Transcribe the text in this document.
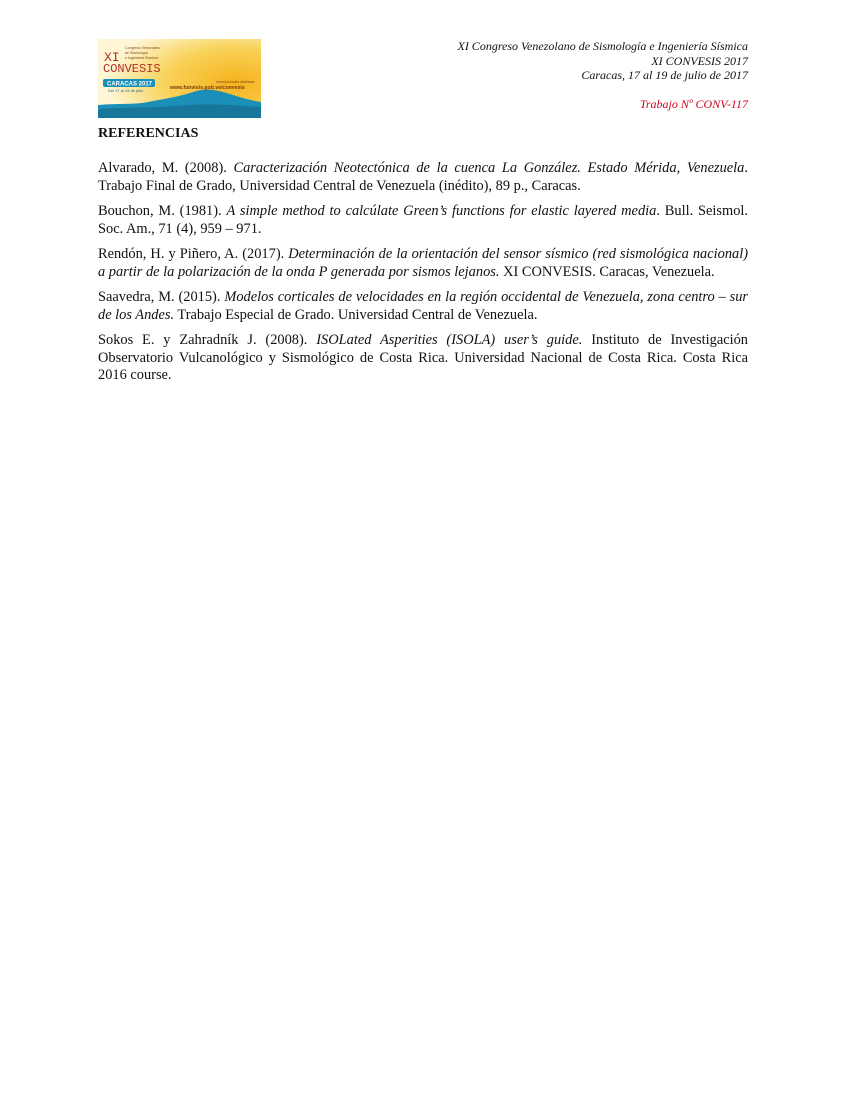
XI
Congreso Venezolano
de Sismología
e Ingeniería Sísmica
CONVESIS
CARACAS 2017
Del 17 al 19 de julio
inscripciones abiertas
www.funvisis.gob.ve/convesis
XI Congreso Venezolano de Sismología e Ingeniería Sísmica
XI CONVESIS 2017
Caracas, 17 al 19 de julio de 2017
Trabajo Nº CONV-117
REFERENCIAS

Alvarado, M. (2008). Caracterización Neotectónica de la cuenca La González. Estado Mérida, Venezuela. Trabajo Final de Grado, Universidad Central de Venezuela (inédito), 89 p., Caracas.

Bouchon, M. (1981). A simple method to calcúlate Green’s functions for elastic layered media. Bull. Seismol. Soc. Am., 71 (4), 959 – 971.

Rendón, H. y Piñero, A. (2017). Determinación de la orientación del sensor sísmico (red sismológica nacional) a partir de la polarización de la onda P generada por sismos lejanos. XI CONVESIS. Caracas, Venezuela.

Saavedra, M. (2015). Modelos corticales de velocidades en la región occidental de Venezuela, zona centro – sur de los Andes. Trabajo Especial de Grado. Universidad Central de Venezuela.

Sokos E. y Zahradník J. (2008). ISOLated Asperities (ISOLA) user’s guide. Instituto de Investigación Observatorio Vulcanológico y Sismológico de Costa Rica. Universidad Nacional de Costa Rica. Costa Rica 2016 course.
